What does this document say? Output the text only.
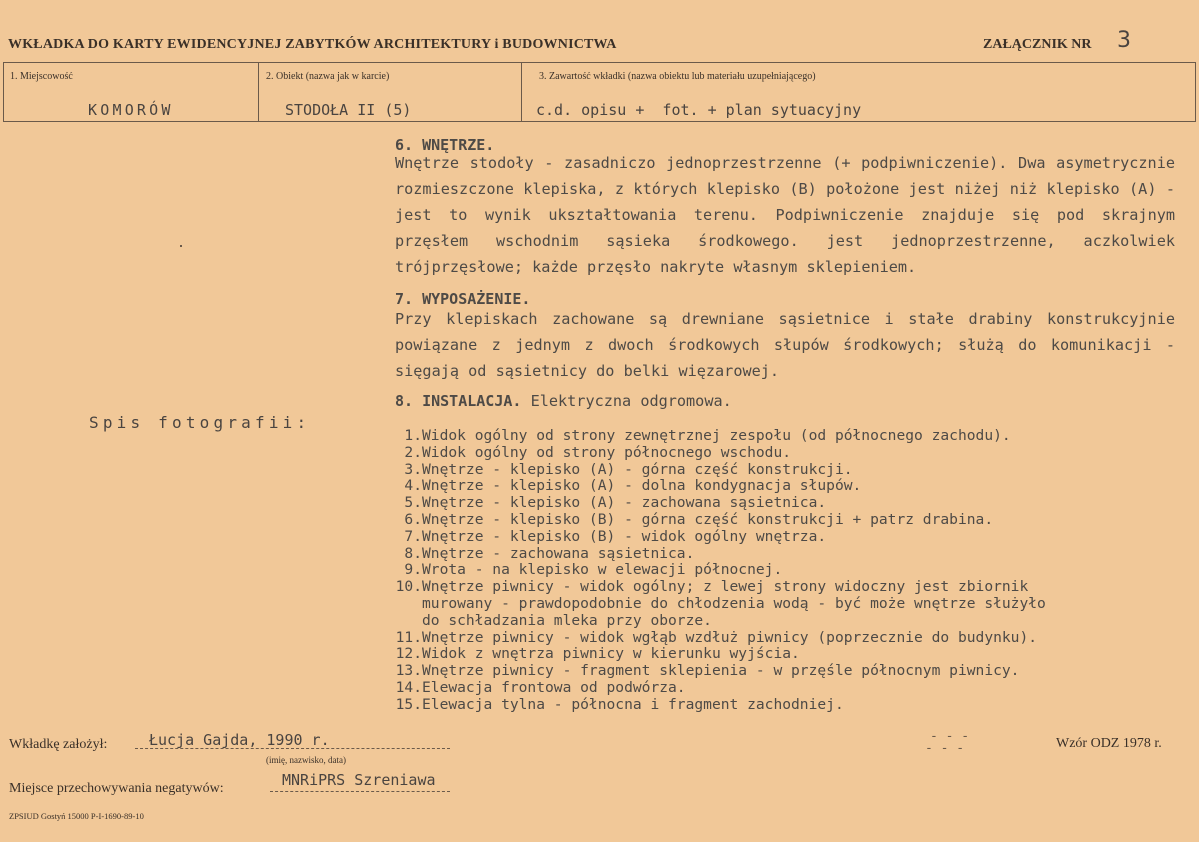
WKŁADKA DO KARTY EWIDENCYJNEJ ZABYTKÓW ARCHITEKTURY i BUDOWNICTWA	ZAŁĄCZNIK NR 3
1. Miejscowość	2. Obiekt (nazwa jak w karcie)	3. Zawartość wkładki (nazwa obiektu lub materiału uzupełniającego)
KOMORÓW	STODOŁA II (5)	c.d. opisu +  fot. + plan sytuacyjny
6. WNĘTRZE.
Wnętrze stodoły - zasadniczo jednoprzestrzenne (+ podpiwniczenie). Dwa asymetrycznie rozmieszczone klepiska, z których klepisko (B) położone jest niżej niż klepisko (A) - jest to wynik ukształtowania terenu. Podpiwniczenie znajduje się pod skrajnym przęsłem wschodnim sąsieka środkowego. jest jednoprzestrzenne, aczkolwiek trójprzęsłowe; każde przęsło nakryte własnym sklepieniem.
7. WYPOSAŻENIE.
Przy klepiskach zachowane są drewniane sąsietnice i stałe drabiny konstrukcyjnie powiązane z jednym z dwoch środkowych słupów środkowych; służą do komunikacji - sięgają od sąsietnicy do belki więzarowej.
8. INSTALACJA. Elektryczna odgromowa.
Spis fotografii:
1. Widok ogólny od strony zewnętrznej zespołu (od północnego zachodu).
2. Widok ogólny od strony północnego wschodu.
3. Wnętrze - klepisko (A) - górna część konstrukcji.
4. Wnętrze - klepisko (A) - dolna kondygnacja słupów.
5. Wnętrze - klepisko (A) - zachowana sąsietnica.
6. Wnętrze - klepisko (B) - górna część konstrukcji + patrz drabina.
7. Wnętrze - klepisko (B) - widok ogólny wnętrza.
8. Wnętrze - zachowana sąsietnica.
9. Wrota - na klepisko w elewacji północnej.
10. Wnętrze piwnicy - widok ogólny; z lewej strony widoczny jest zbiornik
murowany - prawdopodobnie do chłodzenia wodą - być może wnętrze służyło
do schładzania mleka przy oborze.
11. Wnętrze piwnicy - widok wgłąb wzdłuż piwnicy (poprzecznie do budynku).
12. Widok z wnętrza piwnicy w kierunku wyjścia.
13. Wnętrze piwnicy - fragment sklepienia - w przęśle północnym piwnicy.
14. Elewacja frontowa od podwórza.
15. Elewacja tylna - północna i fragment zachodniej.
Wkładkę założył:	Łucja Gajda, 1990 r.
(imię, nazwisko, data)
Miejsce przechowywania negatywów:	MNRiPRS Szreniawa
Wzór ODZ 1978 r.
ZPSIUD Gostyń 15000 P-I-1690-89-10
- - -
- - -
